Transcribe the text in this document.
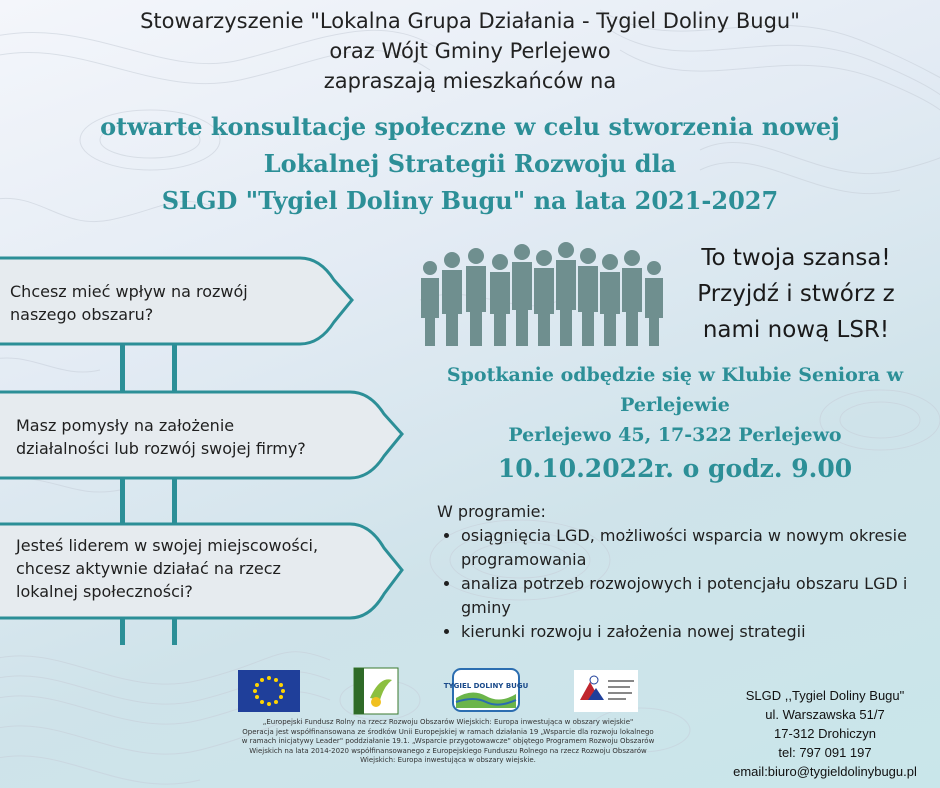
Stowarzyszenie "Lokalna Grupa Działania - Tygiel Doliny Bugu"
oraz Wójt Gminy Perlejewo
zapraszają mieszkańców na
otwarte konsultacje społeczne w celu stworzenia nowej
Lokalnej Strategii Rozwoju dla
SLGD "Tygiel Doliny Bugu" na lata 2021-2027
Chcesz mieć wpływ na rozwój
naszego obszaru?
Masz pomysły na założenie
działalności lub rozwój swojej firmy?
Jesteś liderem w swojej miejscowości,
chcesz aktywnie działać na rzecz
lokalnej społeczności?
To twoja szansa!
Przyjdź i stwórz z
nami nową LSR!
Spotkanie odbędzie się w Klubie Seniora w
Perlejewie
Perlejewo 45, 17-322 Perlejewo
10.10.2022r. o godz. 9.00
W programie:
• osiągnięcia LGD, możliwości wsparcia w nowym okresie programowania
• analiza potrzeb rozwojowych i potencjału obszaru LGD i gminy
• kierunki rozwoju i założenia nowej strategii
TYGIEL DOLINY BUGU
„Europejski Fundusz Rolny na rzecz Rozwoju Obszarów Wiejskich: Europa inwestująca w obszary wiejskie"
Operacja jest współfinansowana ze środków Unii Europejskiej w ramach działania 19 „Wsparcie dla rozwoju lokalnego
w ramach inicjatywy Leader" poddziałanie 19.1. „Wsparcie przygotowawcze" objętego Programem Rozwoju Obszarów
Wiejskich na lata 2014-2020 współfinansowanego z Europejskiego Funduszu Rolnego na rzecz Rozwoju Obszarów
Wiejskich: Europa inwestująca w obszary wiejskie.
SLGD ,,Tygiel Doliny Bugu"
ul. Warszawska 51/7
17-312 Drohiczyn
tel: 797 091 197
email:biuro@tygieldolinybugu.pl
